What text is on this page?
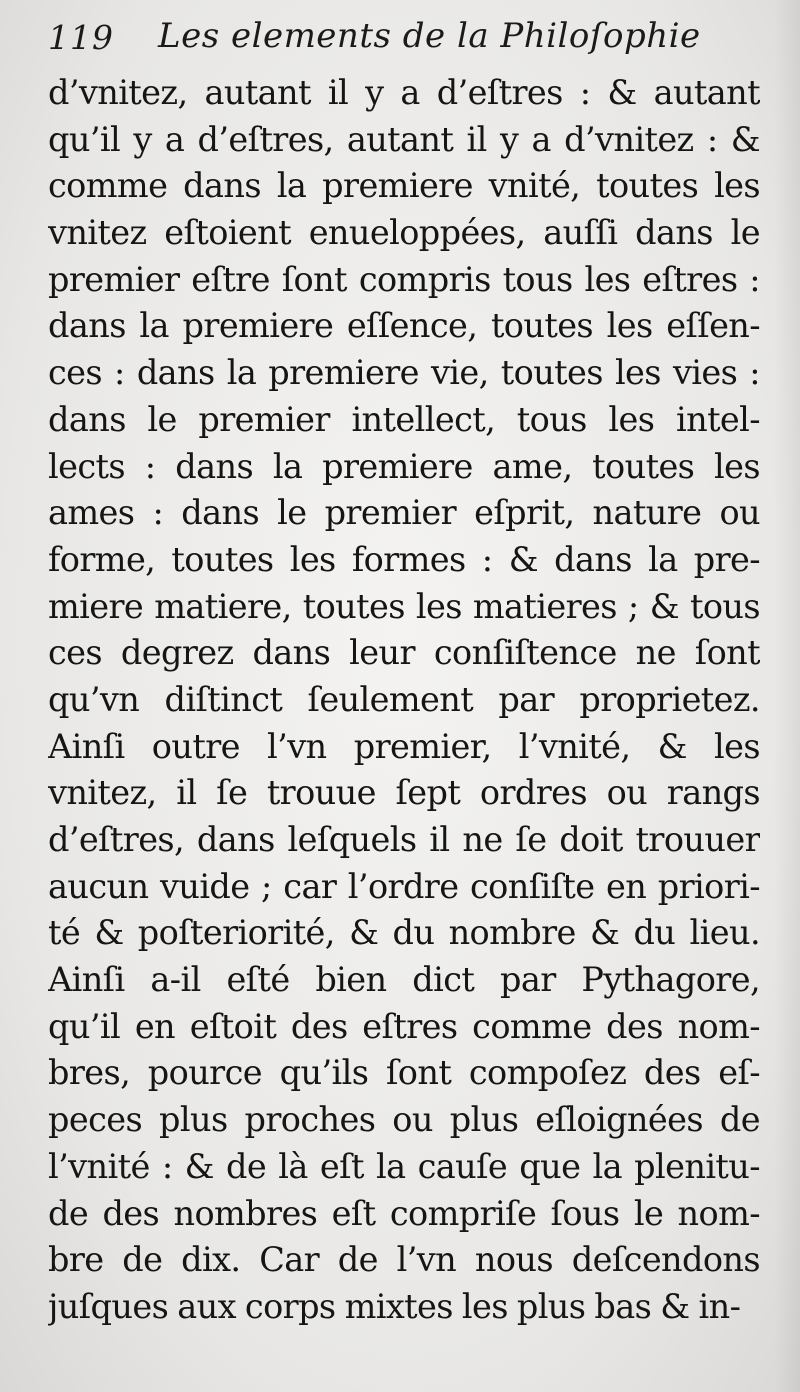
119 Les elements de la Philoſophie
d’vnitez, autant il y a d’eſtres : & autant
qu’il y a d’eſtres, autant il y a d’vnitez : &
comme dans la premiere vnité, toutes les
vnitez eſtoient enueloppées, auſſi dans le
premier eſtre ſont compris tous les eſtres :
dans la premiere eſſence, toutes les eſſen-
ces : dans la premiere vie, toutes les vies :
dans le premier intellect, tous les intel-
lects : dans la premiere ame, toutes les
ames : dans le premier eſprit, nature ou
forme, toutes les formes : & dans la pre-
miere matiere, toutes les matieres ; & tous
ces degrez dans leur conſiſtence ne ſont
qu’vn diſtinct ſeulement par proprietez.
Ainſi outre l’vn premier, l’vnité, & les
vnitez, il ſe trouue ſept ordres ou rangs
d’eſtres, dans leſquels il ne ſe doit trouuer
aucun vuide ; car l’ordre conſiſte en priori-
té & poſteriorité, & du nombre & du lieu.
Ainſi a-il eſté bien dict par Pythagore,
qu’il en eſtoit des eſtres comme des nom-
bres, pource qu’ils ſont compoſez des eſ-
peces plus proches ou plus eſloignées de
l’vnité : & de là eſt la cauſe que la plenitu-
de des nombres eſt compriſe ſous le nom-
bre de dix. Car de l’vn nous deſcendons
juſques aux corps mixtes les plus bas & in-
